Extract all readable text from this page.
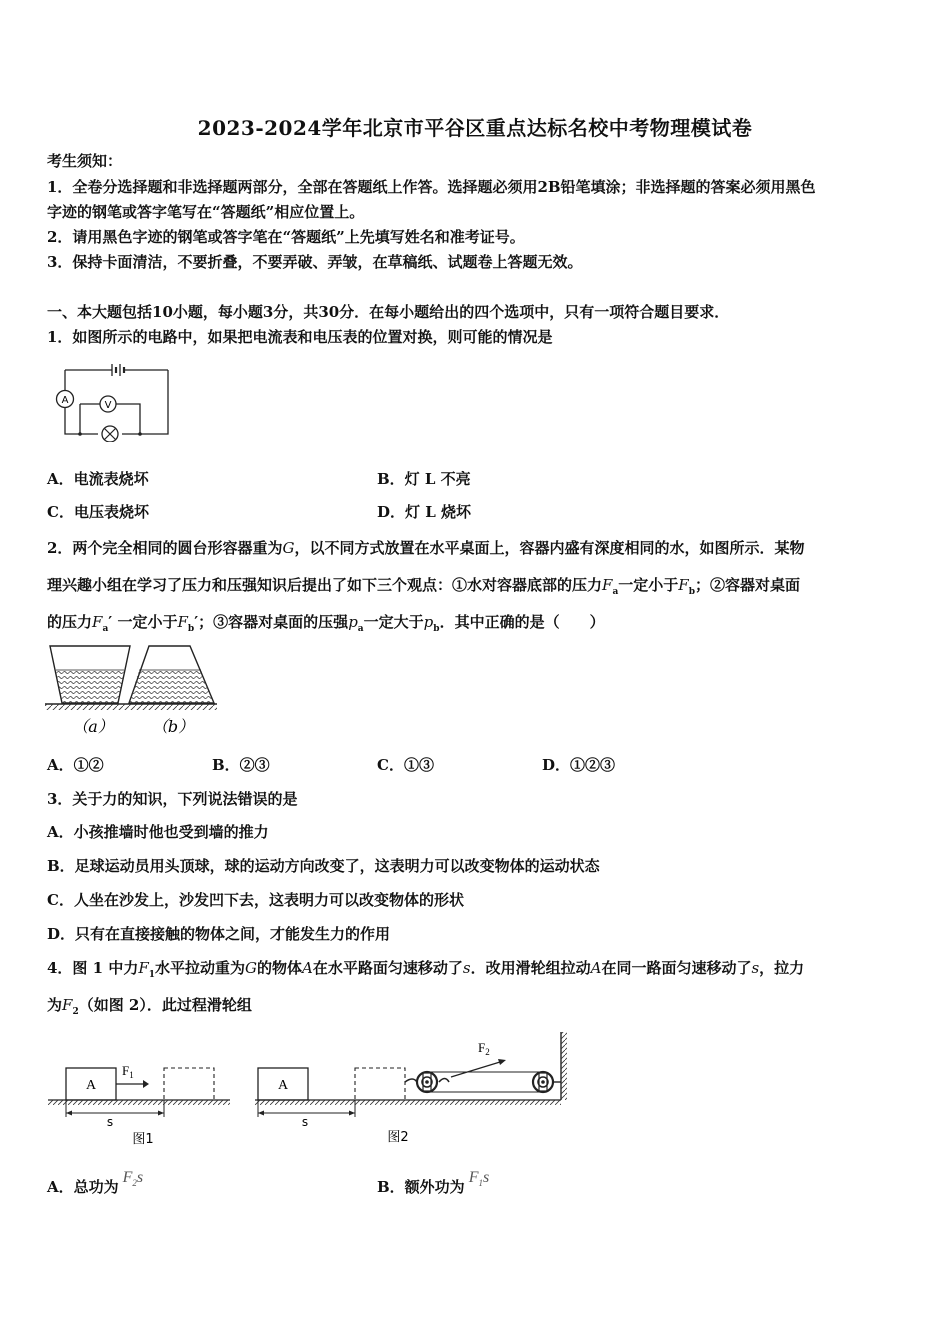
2023-2024学年北京市平谷区重点达标名校中考物理模试卷
考生须知：
1．全卷分选择题和非选择题两部分，全部在答题纸上作答。选择题必须用2B铅笔填涂；非选择题的答案必须用黑色
字迹的钢笔或答字笔写在“答题纸”相应位置上。
2．请用黑色字迹的钢笔或答字笔在“答题纸”上先填写姓名和准考证号。
3．保持卡面清洁，不要折叠，不要弄破、弄皱，在草稿纸、试题卷上答题无效。
一、本大题包括10小题，每小题3分，共30分．在每小题给出的四个选项中，只有一项符合题目要求．
1．如图所示的电路中，如果把电流表和电压表的位置对换，则可能的情况是
A	V
A．电流表烧坏	B．灯 L 不亮
C．电压表烧坏	D．灯 L 烧坏
2．两个完全相同的圆台形容器重为G，以不同方式放置在水平桌面上，容器内盛有深度相同的水，如图所示．某物
理兴趣小组在学习了压力和压强知识后提出了如下三个观点：①水对容器底部的压力$F_a$一定小于$F_b$；②容器对桌面
的压力$F_a'$ 一定小于$F_b'$；③容器对桌面的压强$p_a$一定大于$p_b$．其中正确的是（　　）
（a） （b）
A．①②	B．②③	C．①③	D．①②③
3．关于力的知识，下列说法错误的是
A．小孩推墙时他也受到墙的推力
B．足球运动员用头顶球，球的运动方向改变了，这表明力可以改变物体的运动状态
C．人坐在沙发上，沙发凹下去，这表明力可以改变物体的形状
D．只有在直接接触的物体之间，才能发生力的作用
4．图 1 中力$F_1$水平拉动重为G的物体A在水平路面匀速移动了s．改用滑轮组拉动A在同一路面匀速移动了s，拉力
为$F_2$（如图 2）．此过程滑轮组
A
$F_1$
s
图1
A
$F_2$
s
图2
A．总功为$F_2s$
B．额外功为$F_1s$
